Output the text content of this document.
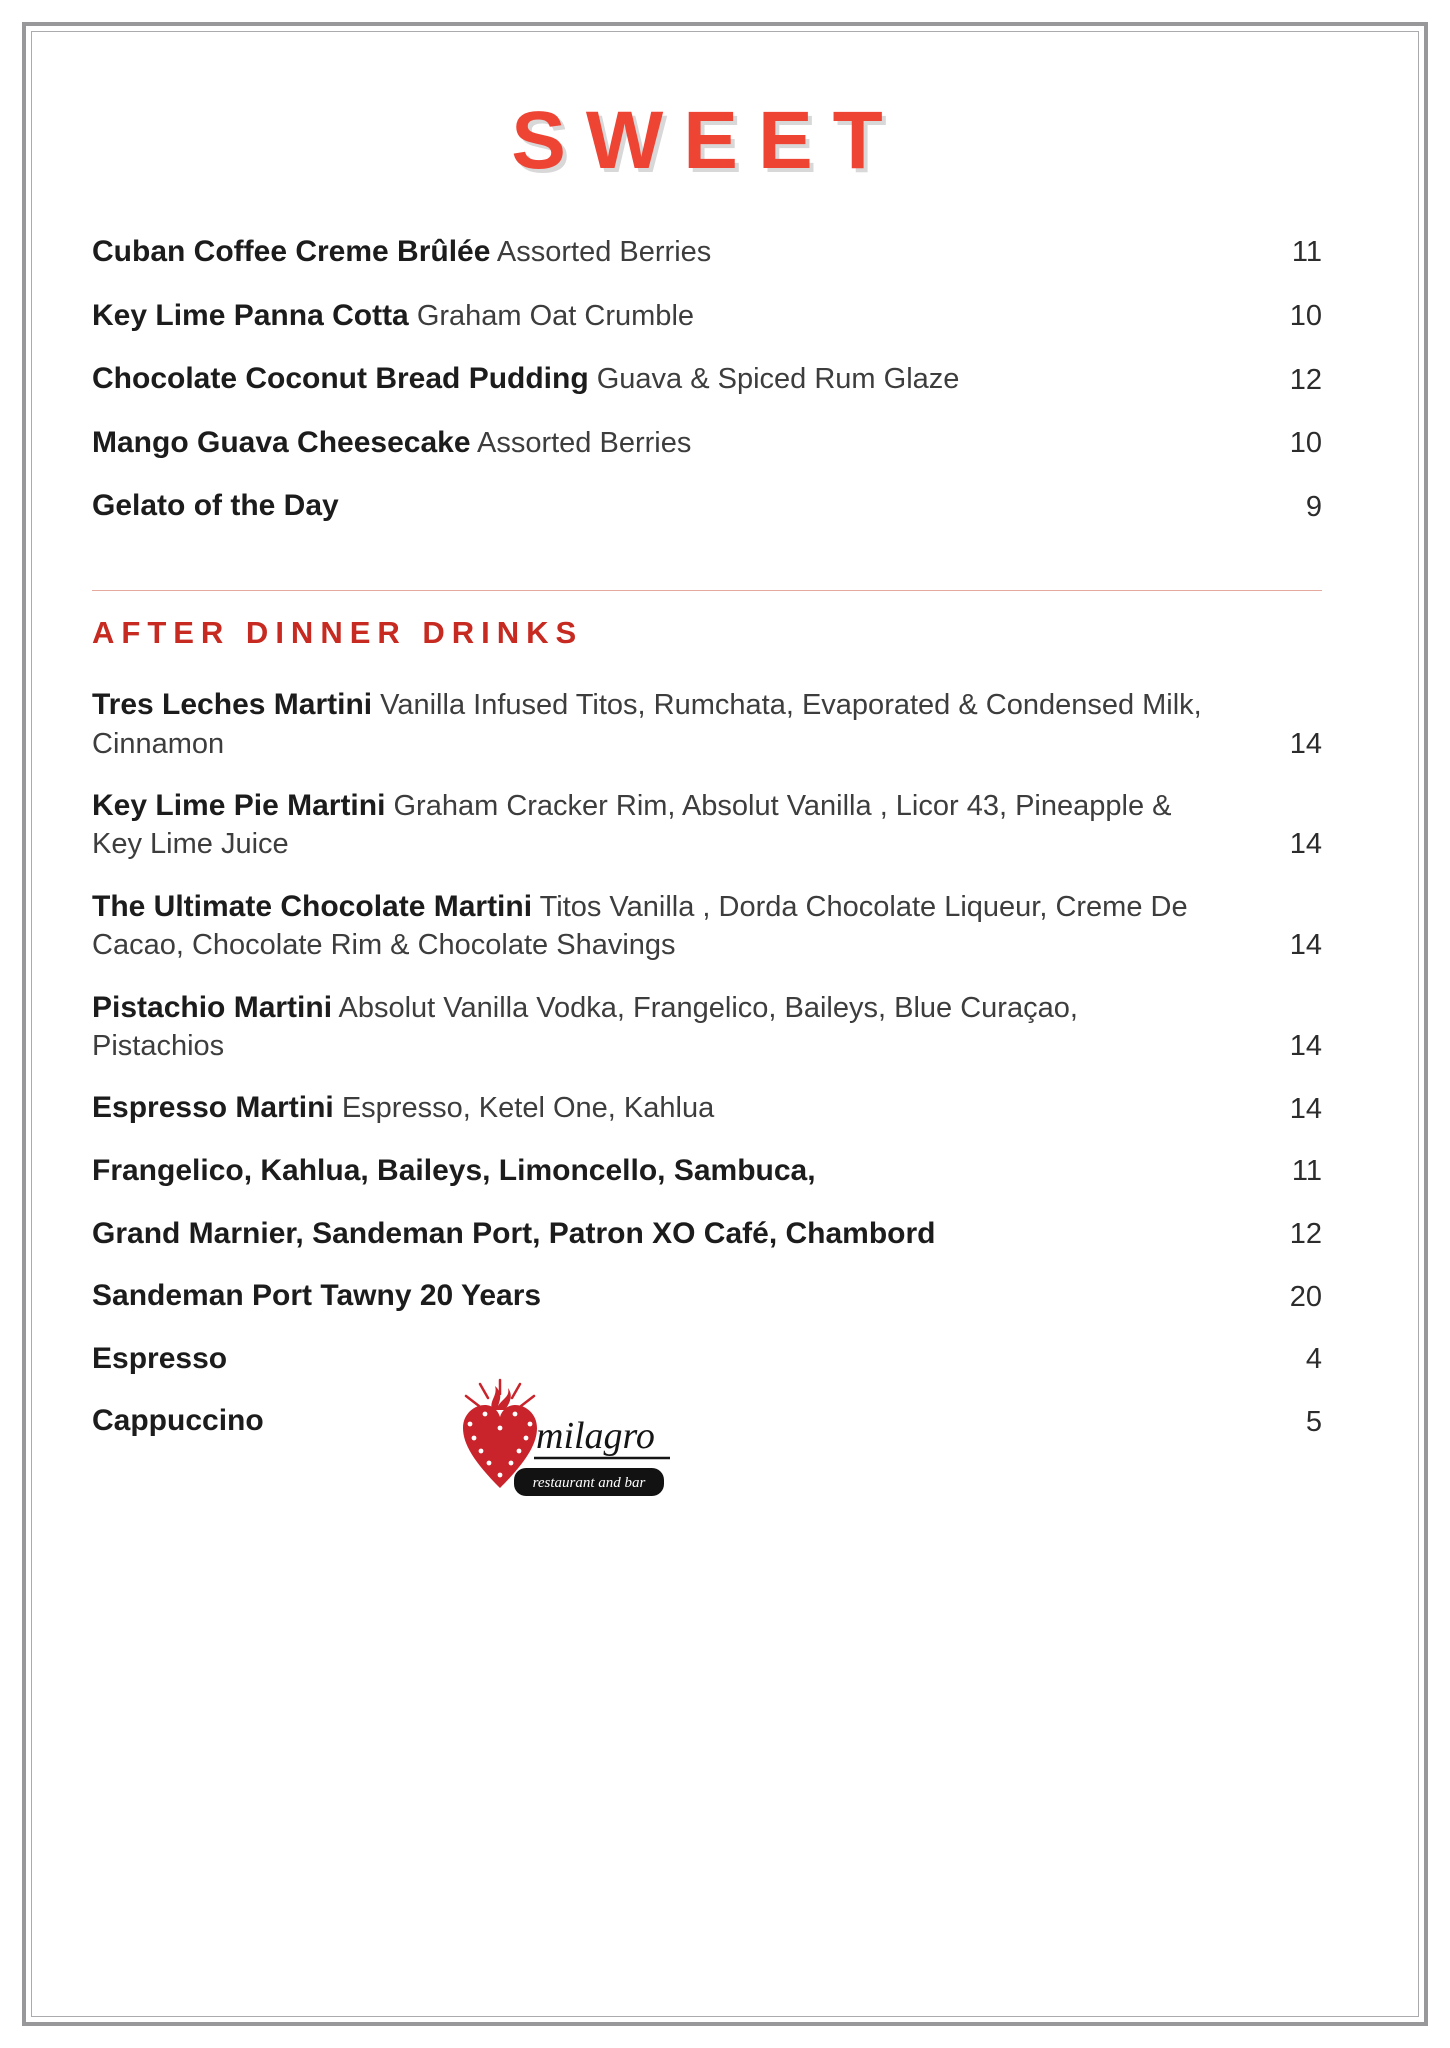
SWEET
Cuban Coffee Creme Brûlée Assorted Berries	11
Key Lime Panna Cotta Graham Oat Crumble	10
Chocolate Coconut Bread Pudding Guava & Spiced Rum Glaze	12
Mango Guava Cheesecake Assorted Berries	10
Gelato of the Day	9
AFTER DINNER DRINKS
Tres Leches Martini Vanilla Infused Titos, Rumchata, Evaporated & Condensed Milk, Cinnamon	14
Key Lime Pie Martini Graham Cracker Rim, Absolut Vanilla , Licor 43, Pineapple & Key Lime Juice	14
The Ultimate Chocolate Martini Titos Vanilla , Dorda Chocolate Liqueur, Creme De Cacao, Chocolate Rim & Chocolate Shavings	14
Pistachio Martini Absolut Vanilla Vodka, Frangelico, Baileys, Blue Curaçao, Pistachios	14
Espresso Martini Espresso, Ketel One, Kahlua	14
Frangelico, Kahlua, Baileys, Limoncello, Sambuca,	11
Grand Marnier, Sandeman Port, Patron XO Café, Chambord	12
Sandeman Port Tawny 20 Years	20
Espresso	4
Cappuccino	5
milagro
restaurant and bar
